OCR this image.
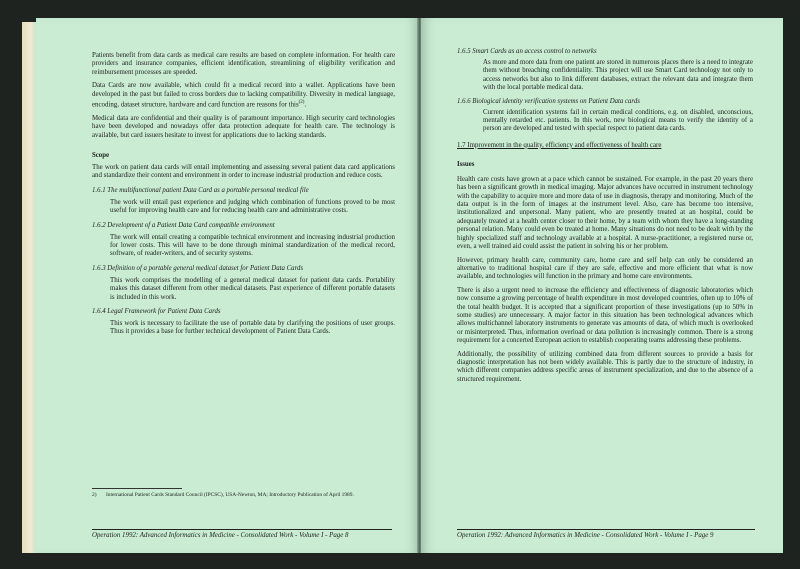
Patients benefit from data cards as medical care results are based on complete information. For health care providers and insurance companies, efficient identification, streamlining of eligibility verification and reimbursement processes are speeded.

Data Cards are now available, which could fit a medical record into a wallet. Applications have been developed in the past but failed to cross borders due to lacking compatibility. Diversity in medical language, encoding, dataset structure, hardware and card function are reasons for this$^{(2)}$.

Medical data are confidential and their quality is of paramount importance. High security card technologies have been developed and nowadays offer data protection adequate for health care. The technology is available, but card issuers hesitate to invest for applications due to lacking standards.

Scope

The work on patient data cards will entail implementing and assessing several patient data card applications and standardize their content and environment in order to increase industrial production and reduce costs.

1.6.1 The multifunctional patient Data Card as a portable personal medical file

The work will entail past experience and judging which combination of functions proved to be most useful for improving health care and for reducing health care and administrative costs.

1.6.2 Development of a Patient Data Card compatible environment

The work will entail creating a compatible technical environment and increasing industrial production for lower costs. This will have to be done through minimal standardization of the medical record, software, of reader-writers, and of security systems.

1.6.3 Definition of a portable general medical dataset for Patient Data Cards

This work comprises the modelling of a general medical dataset for patient data cards. Portability makes this dataset different from other medical datasets. Past experience of different portable datasets is included in this work.

1.6.4 Legal Framework for Patient Data Cards

This work is necessary to facilitate the use of portable data by clarifying the positions of user groups. Thus it provides a base for further technical development of Patient Data Cards.

2)	International Patient Cards Standard Council (IPCSC), USA-Newton, MA; Introductory Publication of April 1989.
Operation 1992: Advanced Informatics in Medicine - Consolidated Work - Volume I - Page 8
1.6.5 Smart Cards as an access control to networks

As more and more data from one patient are stored in numerous places there is a need to integrate them without breaching confidentiality. This project will use Smart Card technology not only to access networks but also to link different databases, extract the relevant data and integrate them with the local portable medical data.

1.6.6 Biological identity verification systems on Patient Data cards

Current identification systems fail in certain medical conditions, e.g. on disabled, unconscious, mentally retarded etc. patients. In this work, new biological means to verify the identity of a person are developed and tested with special respect to patient data cards.

1.7 Improvement in the quality, efficiency and effectiveness of health care
Issues

Health care costs have grown at a pace which cannot be sustained. For example, in the past 20 years there has been a significant growth in medical imaging. Major advances have occurred in instrument technology with the capability to acquire more and more data of use in diagnosis, therapy and monitoring. Much of the data output is in the form of images at the instrument level. Also, care has become too intensive, institutionalized and unpersonal. Many patient, who are presently treated at an hospital, could be adequately treated at a health center closer to their home, by a team with whom they have a long-standing personal relation. Many could even be treated at home. Many situations do not need to be dealt with by the highly specialized staff and technology available at a hospital. A nurse-practitioner, a registered nurse or, even, a well trained aid could assist the patient in solving his or her problem.

However, primary health care, community care, home care and self help can only be considered an alternative to traditional hospital care if they are safe, effective and more efficient that what is now available, and technologies will function in the primary and home care environments.

There is also a urgent need to increase the efficiency and effectiveness of diagnostic laboratories which now consume a growing percentage of health expenditure in most developed countries, often up to 10% of the total health budget. It is accepted that a significant proportion of these investigations (up to 50% in some studies) are unnecessary. A major factor in this situation has been technological advances which allows multichannel laboratory instruments to generate vas amounts of data, of which much is overlooked or misinterpreted. Thus, information overload or data pollution is increasingly common. There is a strong requirement for a concerted European action to establish cooperating teams addressing these problems.

Additionally, the possibility of utilizing combined data from different sources to provide a basis for diagnostic interpretation has not been widely available. This is partly due to the structure of industry, in which different companies address specific areas of instrument specialization, and due to the absence of a structured requirement.

Operation 1992: Advanced Informatics in Medicine - Consolidated Work - Volume I - Page 9
